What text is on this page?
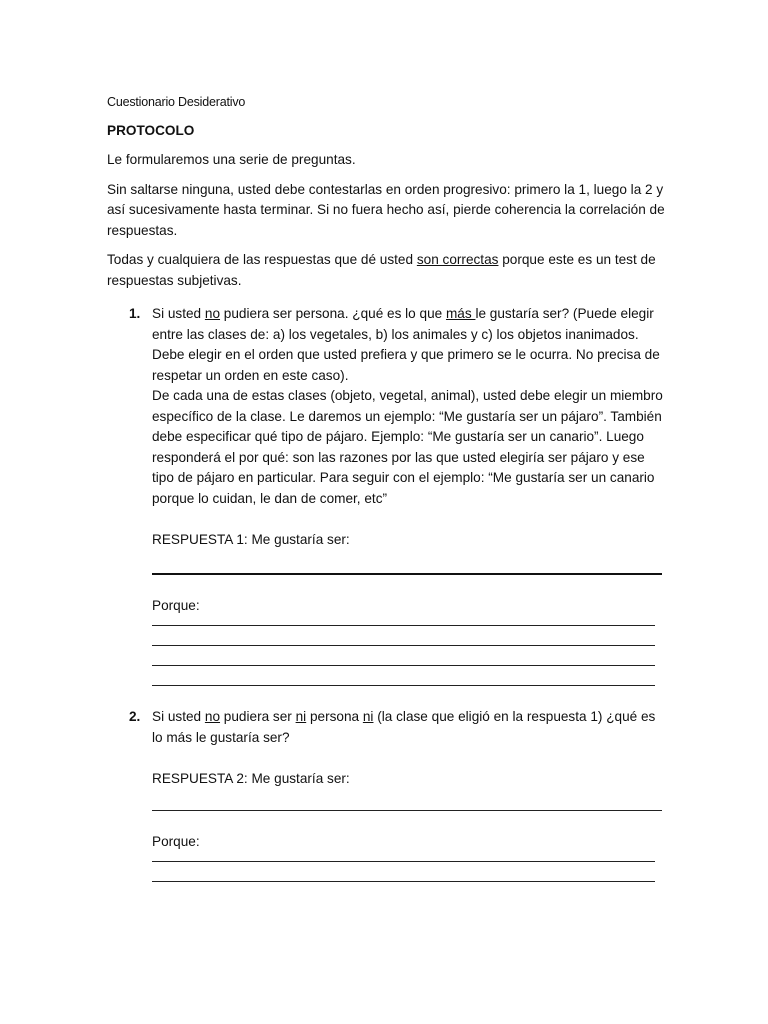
Cuestionario Desiderativo
PROTOCOLO

Le formularemos una serie de preguntas.

Sin saltarse ninguna, usted debe contestarlas en orden progresivo: primero la 1, luego la 2 y así sucesivamente hasta terminar. Si no fuera hecho así, pierde coherencia la correlación de respuestas.

Todas y cualquiera de las respuestas que dé usted son correctas porque este es un test de respuestas subjetivas.

1. Si usted no pudiera ser persona. ¿qué es lo que más le gustaría ser? (Puede elegir entre las clases de: a) los vegetales, b) los animales y c) los objetos inanimados. Debe elegir en el orden que usted prefiera y que primero se le ocurra. No precisa de respetar un orden en este caso).
De cada una de estas clases (objeto, vegetal, animal), usted debe elegir un miembro específico de la clase. Le daremos un ejemplo: “Me gustaría ser un pájaro”. También debe especificar qué tipo de pájaro. Ejemplo: “Me gustaría ser un canario”. Luego responderá el por qué: son las razones por las que usted elegiría ser pájaro y ese tipo de pájaro en particular. Para seguir con el ejemplo: “Me gustaría ser un canario porque lo cuidan, le dan de comer, etc”
RESPUESTA 1: Me gustaría ser:
Porque:
2. Si usted no pudiera ser ni persona ni (la clase que eligió en la respuesta 1) ¿qué es lo más le gustaría ser?
RESPUESTA 2: Me gustaría ser:
Porque:
